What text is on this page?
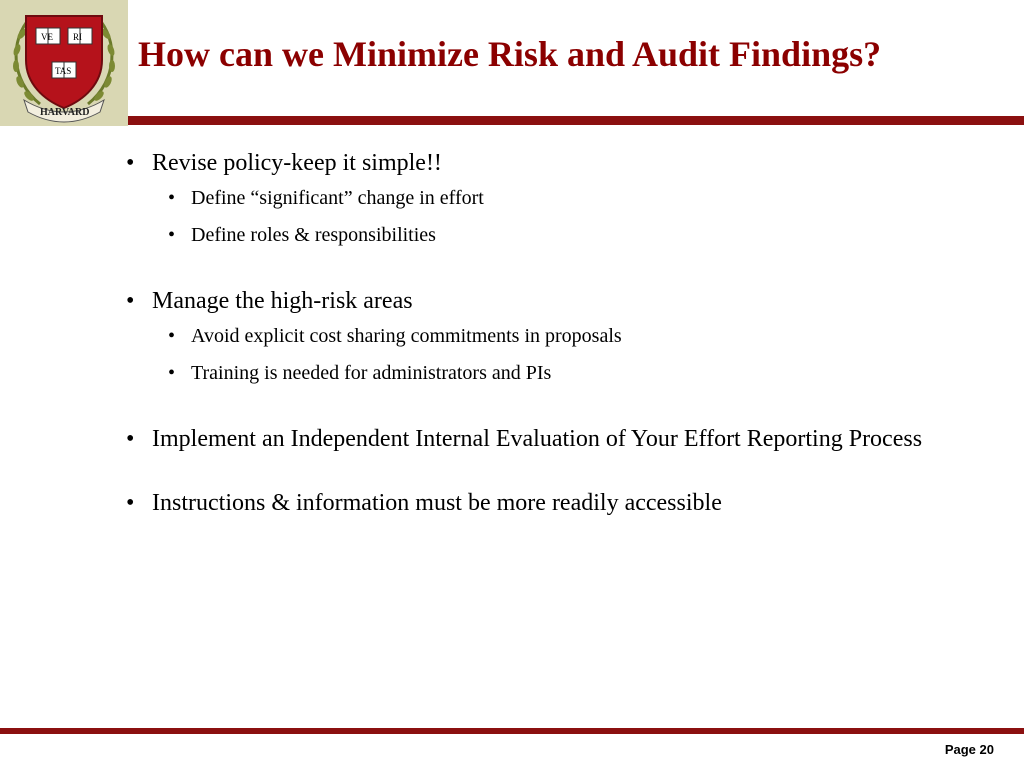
VE RI
TAS
HARVARD
How can we Minimize Risk and Audit Findings?

• Revise policy-keep it simple!!

• Define “significant” change in effort

• Define roles & responsibilities

• Manage the high-risk areas

• Avoid explicit cost sharing commitments in proposals

• Training is needed for administrators and PIs

• Implement an Independent Internal Evaluation of Your Effort Reporting Process

• Instructions & information must be more readily accessible

Page 20
